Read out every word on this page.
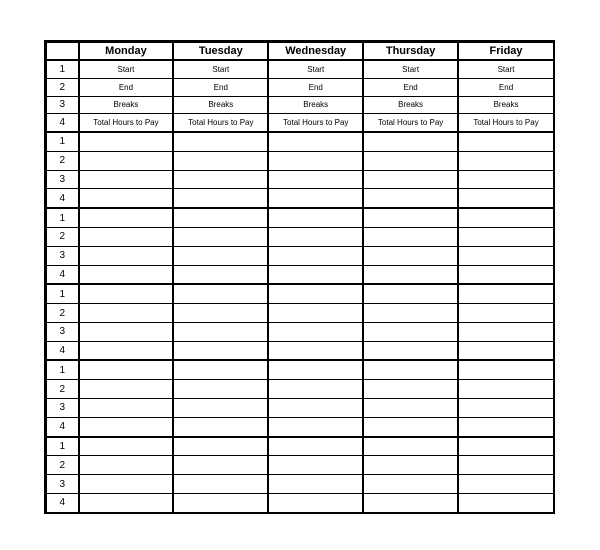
	Monday	Tuesday	Wednesday	Thursday	Friday
1	Start	Start	Start	Start	Start
2	End	End	End	End	End
3	Breaks	Breaks	Breaks	Breaks	Breaks
4	Total Hours to Pay	Total Hours to Pay	Total Hours to Pay	Total Hours to Pay	Total Hours to Pay
1					
2					
3					
4					
1					
2					
3					
4					
1					
2					
3					
4					
1					
2					
3					
4					
1					
2					
3					
4					
